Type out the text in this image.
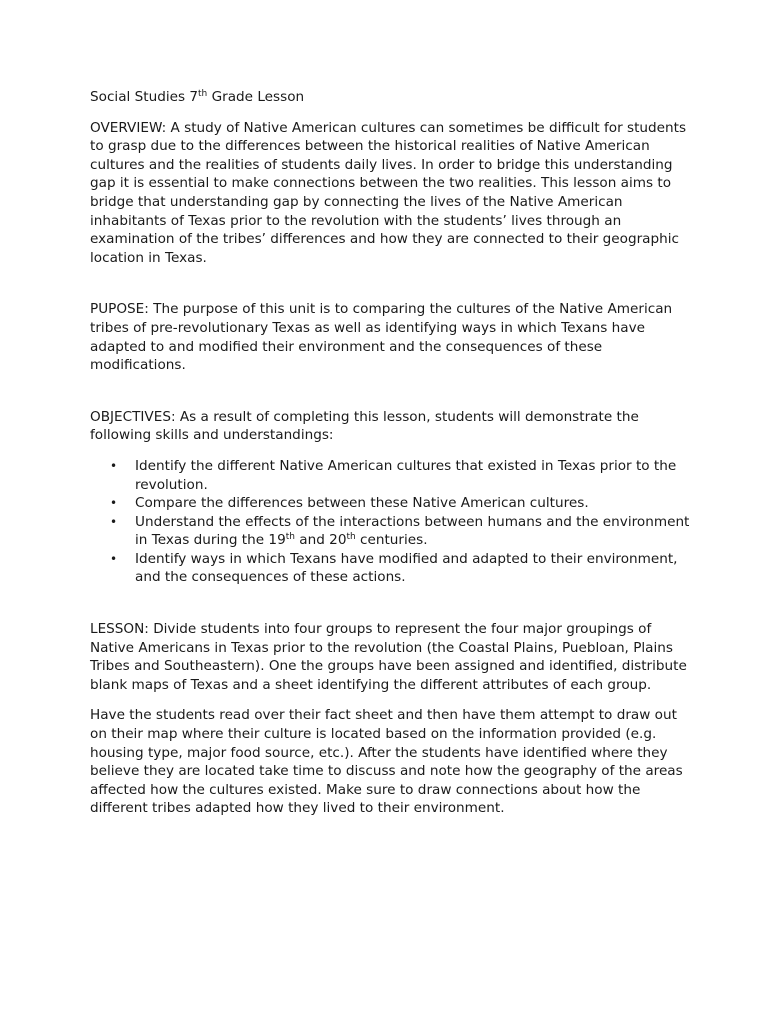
Social Studies 7th Grade Lesson

OVERVIEW: A study of Native American cultures can sometimes be difficult for students to grasp due to the differences between the historical realities of Native American cultures and the realities of students daily lives. In order to bridge this understanding gap it is essential to make connections between the two realities. This lesson aims to bridge that understanding gap by connecting the lives of the Native American inhabitants of Texas prior to the revolution with the students’ lives through an examination of the tribes’ differences and how they are connected to their geographic location in Texas.

PUPOSE: The purpose of this unit is to comparing the cultures of the Native American tribes of pre-revolutionary Texas as well as identifying ways in which Texans have adapted to and modified their environment and the consequences of these modifications.

OBJECTIVES: As a result of completing this lesson, students will demonstrate the following skills and understandings:

• Identify the different Native American cultures that existed in Texas prior to the revolution.
• Compare the differences between these Native American cultures.
• Understand the effects of the interactions between humans and the environment in Texas during the 19th and 20th centuries.
• Identify ways in which Texans have modified and adapted to their environment, and the consequences of these actions.

LESSON: Divide students into four groups to represent the four major groupings of Native Americans in Texas prior to the revolution (the Coastal Plains, Puebloan, Plains Tribes and Southeastern). One the groups have been assigned and identified, distribute blank maps of Texas and a sheet identifying the different attributes of each group.

Have the students read over their fact sheet and then have them attempt to draw out on their map where their culture is located based on the information provided (e.g. housing type, major food source, etc.). After the students have identified where they believe they are located take time to discuss and note how the geography of the areas affected how the cultures existed. Make sure to draw connections about how the different tribes adapted how they lived to their environment.
